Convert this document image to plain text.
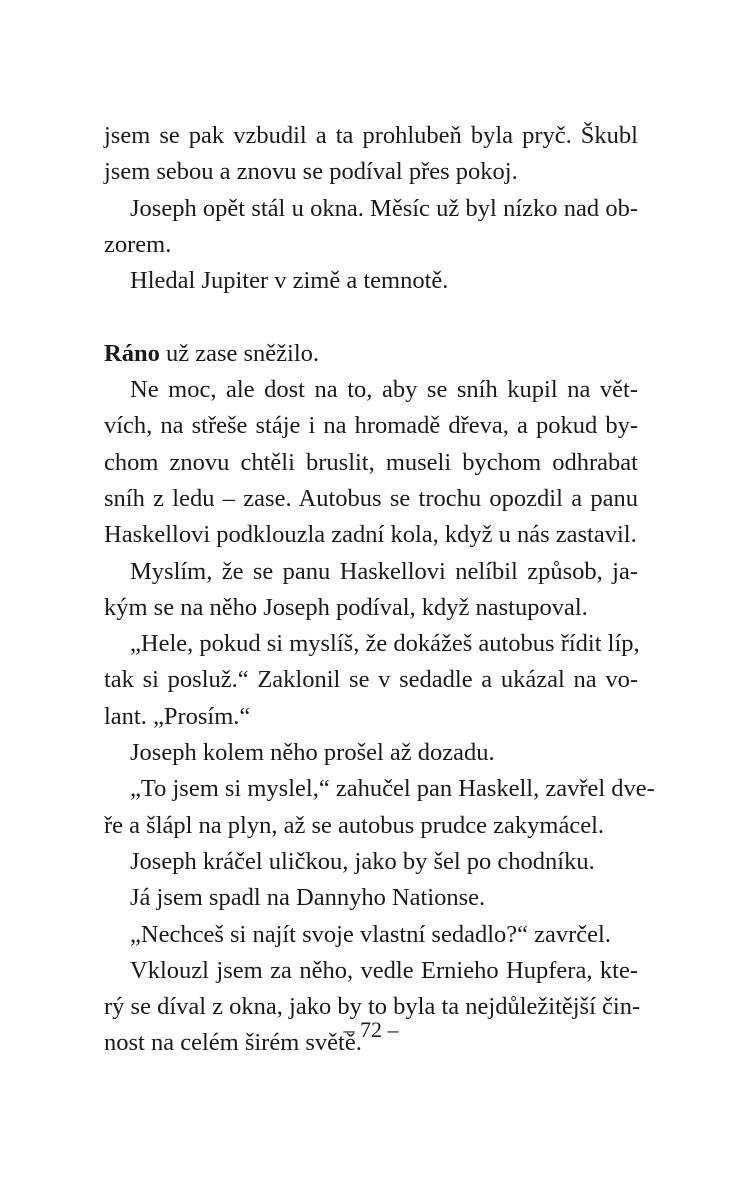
jsem se pak vzbudil a ta prohlubeň byla pryč. Škubl
jsem sebou a znovu se podíval přes pokoj.
Joseph opět stál u okna. Měsíc už byl nízko nad ob-
zorem.
Hledal Jupiter v zimě a temnotě.
Ráno už zase sněžilo.
Ne moc, ale dost na to, aby se sníh kupil na vět-
vích, na střeše stáje i na hromadě dřeva, a pokud by-
chom znovu chtěli bruslit, museli bychom odhrabat
sníh z ledu – zase. Autobus se trochu opozdil a panu
Haskellovi podklouzla zadní kola, když u nás zastavil.
Myslím, že se panu Haskellovi nelíbil způsob, ja-
kým se na něho Joseph podíval, když nastupoval.
„Hele, pokud si myslíš, že dokážeš autobus řídit líp,
tak si posluž.“ Zaklonil se v sedadle a ukázal na vo-
lant. „Prosím.“
Joseph kolem něho prošel až dozadu.
„To jsem si myslel,“ zahučel pan Haskell, zavřel dve-
ře a šlápl na plyn, až se autobus prudce zakymácel.
Joseph kráčel uličkou, jako by šel po chodníku.
Já jsem spadl na Dannyho Nationse.
„Nechceš si najít svoje vlastní sedadlo?“ zavrčel.
Vklouzl jsem za něho, vedle Ernieho Hupfera, kte-
rý se díval z okna, jako by to byla ta nejdůležitější čin-
nost na celém širém světě.
– 72 –
